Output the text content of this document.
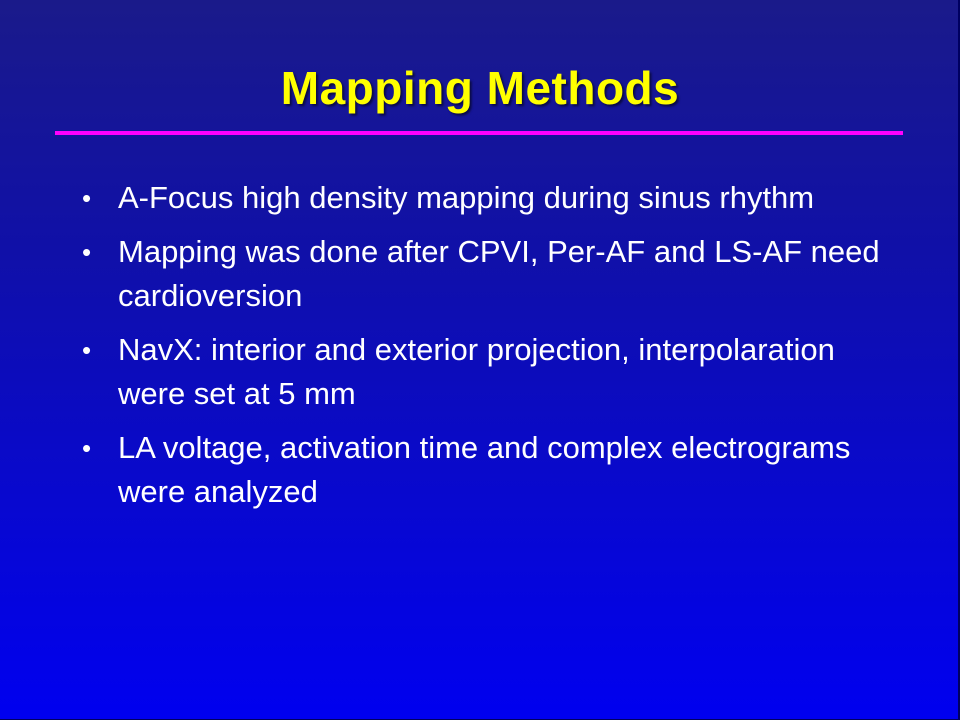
Mapping Methods
• A-Focus high density mapping during sinus rhythm
• Mapping was done after CPVI, Per-AF and LS-AF need cardioversion
• NavX: interior and exterior projection, interpolaration were set at 5 mm
• LA voltage, activation time and complex electrograms were analyzed
